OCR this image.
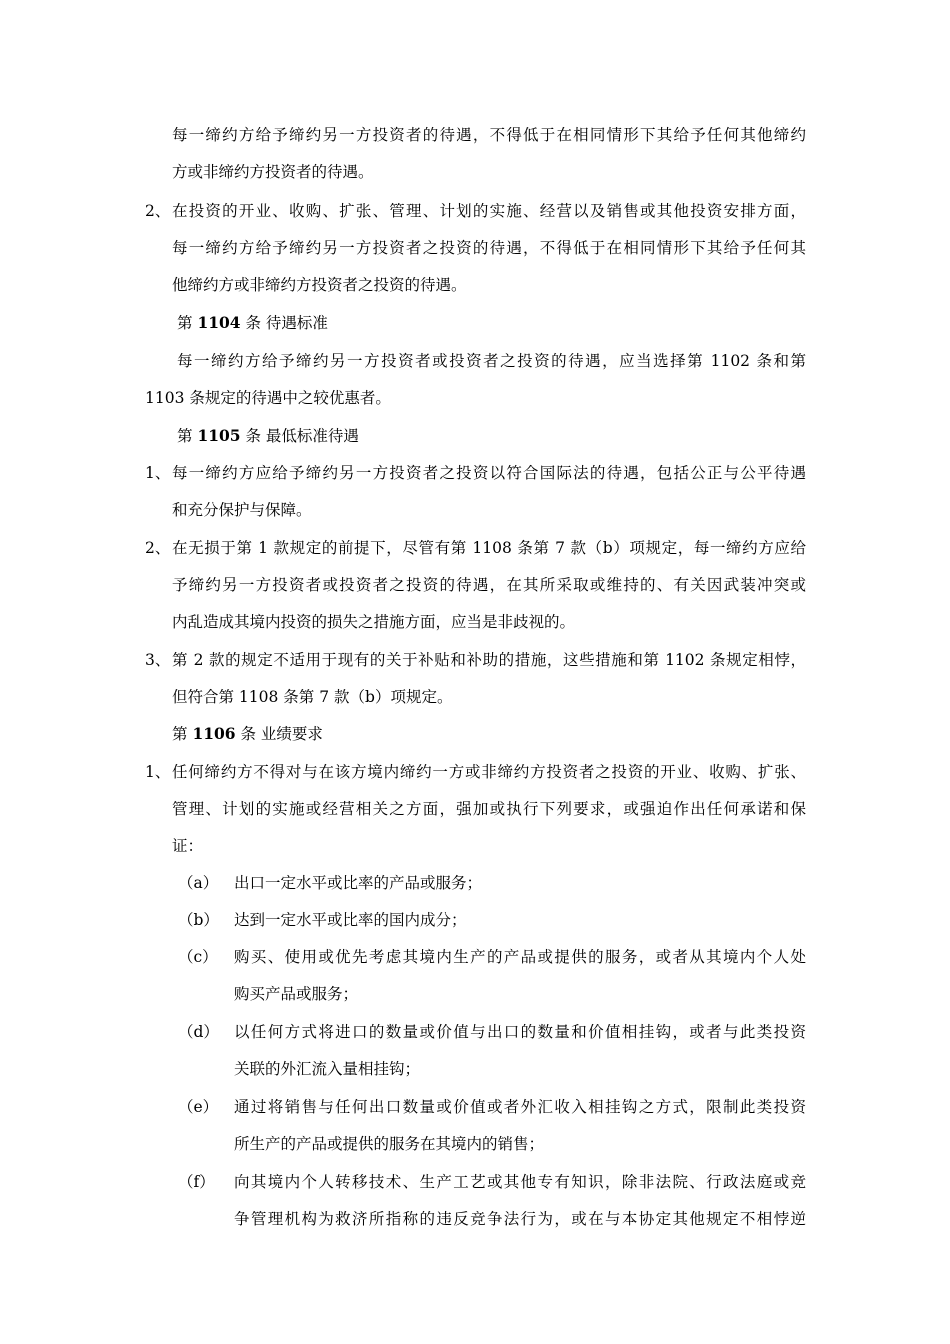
每一缔约方给予缔约另一方投资者的待遇，不得低于在相同情形下其给予任何其他缔约
方或非缔约方投资者的待遇。
2、 在投资的开业、收购、扩张、管理、计划的实施、经营以及销售或其他投资安排方面，
每一缔约方给予缔约另一方投资者之投资的待遇，不得低于在相同情形下其给予任何其
他缔约方或非缔约方投资者之投资的待遇。
第 1104 条 待遇标准
每一缔约方给予缔约另一方投资者或投资者之投资的待遇，应当选择第 1102 条和第
1103 条规定的待遇中之较优惠者。
第 1105 条 最低标准待遇
1、 每一缔约方应给予缔约另一方投资者之投资以符合国际法的待遇，包括公正与公平待遇
和充分保护与保障。
2、 在无损于第 1 款规定的前提下，尽管有第 1108 条第 7 款（b）项规定，每一缔约方应给
予缔约另一方投资者或投资者之投资的待遇，在其所采取或维持的、有关因武装冲突或
内乱造成其境内投资的损失之措施方面，应当是非歧视的。
3、 第 2 款的规定不适用于现有的关于补贴和补助的措施，这些措施和第 1102 条规定相悖，
但符合第 1108 条第 7 款（b）项规定。
第 1106 条 业绩要求
1、 任何缔约方不得对与在该方境内缔约一方或非缔约方投资者之投资的开业、收购、扩张、
管理、计划的实施或经营相关之方面，强加或执行下列要求，或强迫作出任何承诺和保
证：
（a） 出口一定水平或比率的产品或服务；
（b） 达到一定水平或比率的国内成分；
（c） 购买、使用或优先考虑其境内生产的产品或提供的服务，或者从其境内个人处
购买产品或服务；
（d） 以任何方式将进口的数量或价值与出口的数量和价值相挂钩，或者与此类投资
关联的外汇流入量相挂钩；
（e） 通过将销售与任何出口数量或价值或者外汇收入相挂钩之方式，限制此类投资
所生产的产品或提供的服务在其境内的销售；
（f） 向其境内个人转移技术、生产工艺或其他专有知识，除非法院、行政法庭或竞
争管理机构为救济所指称的违反竞争法行为，或在与本协定其他规定不相悖逆
